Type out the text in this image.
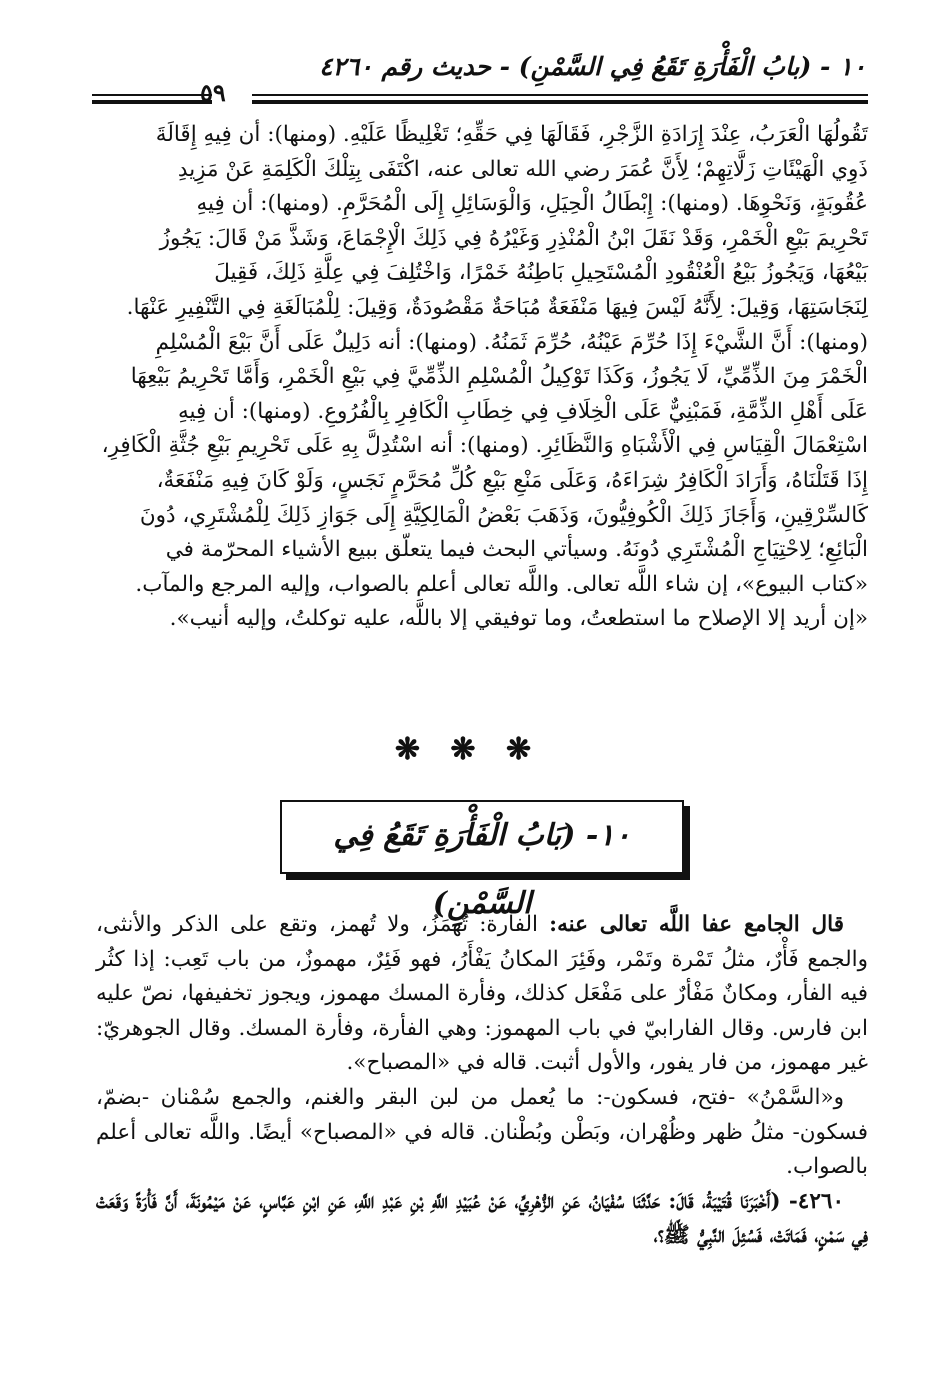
١٠ - (بابُ الْفَأْرَةِ تَقَعُ فِي السَّمْنِ) - حديث رقم ٤٢٦٠
٥٩

تَقُولُهَا الْعَرَبُ، عِنْدَ إِرَادَةِ الزَّجْرِ، فَقَالَهَا فِي حَقِّهِ؛ تَغْلِيظًا عَلَيْهِ. (ومنها): أن فِيهِ إِقَالَةَ

ذَوِي الْهَيْئَاتِ زَلَّاتِهِمْ؛ لِأَنَّ عُمَرَ رضي الله تعالى عنه، اكْتَفَى بِتِلْكَ الْكَلِمَةِ عَنْ مَزِيدِ

عُقُوبَةٍ، وَنَحْوِهَا. (ومنها): إِبْطَالُ الْحِيَلِ، وَالْوَسَائِلِ إِلَى الْمُحَرَّمِ. (ومنها): أن فِيهِ

تَحْرِيمَ بَيْعِ الْخَمْرِ، وَقَدْ نَقَلَ ابْنُ الْمُنْذِرِ وَغَيْرُهُ فِي ذَلِكَ الْإِجْمَاعَ، وَشَذَّ مَنْ قَالَ: يَجُوزُ

بَيْعُهَا، وَيَجُوزُ بَيْعُ الْعُنْقُودِ الْمُسْتَحِيلِ بَاطِنُهُ خَمْرًا، وَاخْتُلِفَ فِي عِلَّةِ ذَلِكَ، فَقِيلَ

لِنَجَاسَتِهَا، وَقِيلَ: لِأَنَّهُ لَيْسَ فِيهَا مَنْفَعَةٌ مُبَاحَةٌ مَقْصُودَةٌ، وَقِيلَ: لِلْمُبَالَغَةِ فِي التَّنْفِيرِ عَنْهَا.

(ومنها): أَنَّ الشَّيْءَ إِذَا حُرِّمَ عَيْنُهُ، حُرِّمَ ثَمَنُهُ. (ومنها): أنه دَلِيلٌ عَلَى أَنَّ بَيْعَ الْمُسْلِمِ

الْخَمْرَ مِنَ الذِّمِّيِّ، لَا يَجُوزُ، وَكَذَا تَوْكِيلُ الْمُسْلِمِ الذِّمِّيَّ فِي بَيْعِ الْخَمْرِ، وَأَمَّا تَحْرِيمُ بَيْعِهَا

عَلَى أَهْلِ الذِّمَّةِ، فَمَبْنِيٌّ عَلَى الْخِلَافِ فِي خِطَابِ الْكَافِرِ بِالْفُرُوعِ. (ومنها): أن فِيهِ

اسْتِعْمَالَ الْقِيَاسِ فِي الْأَشْبَاهِ وَالنَّظَائِرِ. (ومنها): أنه اسْتُدِلَّ بِهِ عَلَى تَحْرِيمِ بَيْعِ جُثَّةِ الْكَافِرِ،

إِذَا قَتَلْنَاهُ، وَأَرَادَ الْكَافِرُ شِرَاءَهُ، وَعَلَى مَنْعِ بَيْعِ كُلِّ مُحَرَّمٍ نَجَسٍ، وَلَوْ كَانَ فِيهِ مَنْفَعَةٌ،

كَالسِّرْقِينِ، وَأَجَازَ ذَلِكَ الْكُوفِيُّونَ، وَذَهَبَ بَعْضُ الْمَالِكِيَّةِ إِلَى جَوَازِ ذَلِكَ لِلْمُشْتَرِي، دُونَ

الْبَائِعِ؛ لِاحْتِيَاجِ الْمُشْتَرِي دُونَهُ. وسيأتي البحث فيما يتعلّق ببيع الأشياء المحرّمة في

«كتاب البيوع»، إن شاء اللَّه تعالى. واللَّه تعالى أعلم بالصواب، وإليه المرجع والمآب.

«إن أريد إلا الإصلاح ما استطعتُ، وما توفيقي إلا باللَّه، عليه توكلتُ، وإليه أنيب».

❋ ❋ ❋
١٠- (بَابُ الْفَأْرَةِ تَقَعُ فِي السَّمْنِ)

قال الجامع عفا اللَّه تعالى عنه: الفارة: تُهمَزُ، ولا تُهمز، وتقع على الذكر والأنثى، والجمع فَأْرٌ، مثلُ تَمْرة وتَمْر، وفَئِرَ المكانُ يَفْأَرُ، فهو فَئِرٌ، مهموزٌ، من باب تَعِب: إذا كثُر فيه الفأر، ومكانٌ مَفْأرٌ على مَفْعَل كذلك، وفأرة المسك مهموز، ويجوز تخفيفها، نصّ عليه ابن فارس. وقال الفارابيّ في باب المهموز: وهي الفأرة، وفأرة المسك. وقال الجوهريّ: غير مهموز، من فار يفور، والأول أثبت. قاله في «المصباح».

و«السَّمْنُ» -فتح، فسكون-: ما يُعمل من لبن البقر والغنم، والجمع سُمْنان -بضمّ، فسكون- مثلُ ظهر وظُهْران، وبَطْن وبُطْنان. قاله في «المصباح» أيضًا. واللَّه تعالى أعلم بالصواب.

٤٢٦٠- (أَخْبَرَنَا قُتَيْبَةُ، قَالَ: حَدَّثَنَا سُفْيَانُ، عَنِ الزُّهْرِيِّ، عَنْ عُبَيْدِ اللَّهِ بْنِ عَبْدِ اللَّهِ، عَنِ ابْنِ عَبَّاسٍ، عَنْ مَيْمُونَةَ، أَنَّ فَأْرَةً وَقَعَتْ فِي سَمْنٍ، فَمَاتَتْ، فَسُئِلَ النَّبِيُّ ﷺ؟،
